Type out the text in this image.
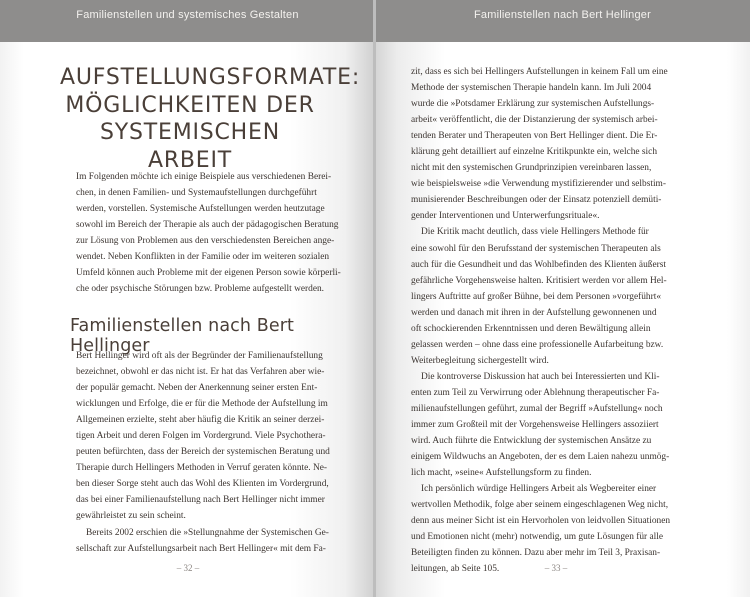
Familienstellen und systemisches Gestalten
AUFSTELLUNGSFORMATE:
MÖGLICHKEITEN DER
SYSTEMISCHEN ARBEIT

Im Folgenden möchte ich einige Beispiele aus verschiedenen Berei-
chen, in denen Familien- und Systemaufstellungen durchgeführt
werden, vorstellen. Systemische Aufstellungen werden heutzutage
sowohl im Bereich der Therapie als auch der pädagogischen Beratung
zur Lösung von Problemen aus den verschiedensten Bereichen ange-
wendet. Neben Konflikten in der Familie oder im weiteren sozialen
Umfeld können auch Probleme mit der eigenen Person sowie körperli-
che oder psychische Störungen bzw. Probleme aufgestellt werden.

Familienstellen nach Bert Hellinger

Bert Hellinger wird oft als der Begründer der Familienaufstellung
bezeichnet, obwohl er das nicht ist. Er hat das Verfahren aber wie-
der populär gemacht. Neben der Anerkennung seiner ersten Ent-
wicklungen und Erfolge, die er für die Methode der Aufstellung im
Allgemeinen erzielte, steht aber häufig die Kritik an seiner derzei-
tigen Arbeit und deren Folgen im Vordergrund. Viele Psychothera-
peuten befürchten, dass der Bereich der systemischen Beratung und
Therapie durch Hellingers Methoden in Verruf geraten könnte. Ne-
ben dieser Sorge steht auch das Wohl des Klienten im Vordergrund,
das bei einer Familienaufstellung nach Bert Hellinger nicht immer
gewährleistet zu sein scheint.
Bereits 2002 erschien die »Stellungnahme der Systemischen Ge-
sellschaft zur Aufstellungsarbeit nach Bert Hellinger« mit dem Fa-

– 32 –
Familienstellen nach Bert Hellinger

zit, dass es sich bei Hellingers Aufstellungen in keinem Fall um eine
Methode der systemischen Therapie handeln kann. Im Juli 2004
wurde die »Potsdamer Erklärung zur systemischen Aufstellungs-
arbeit« veröffentlicht, die der Distanzierung der systemisch arbei-
tenden Berater und Therapeuten von Bert Hellinger dient. Die Er-
klärung geht detailliert auf einzelne Kritikpunkte ein, welche sich
nicht mit den systemischen Grundprinzipien vereinbaren lassen,
wie beispielsweise »die Verwendung mystifizierender und selbstim-
munisierender Beschreibungen oder der Einsatz potenziell demüti-
gender Interventionen und Unterwerfungsrituale«.
Die Kritik macht deutlich, dass viele Hellingers Methode für
eine sowohl für den Berufsstand der systemischen Therapeuten als
auch für die Gesundheit und das Wohlbefinden des Klienten äußerst
gefährliche Vorgehensweise halten. Kritisiert werden vor allem Hel-
lingers Auftritte auf großer Bühne, bei dem Personen »vorgeführt«
werden und danach mit ihren in der Aufstellung gewonnenen und
oft schockierenden Erkenntnissen und deren Bewältigung allein
gelassen werden – ohne dass eine professionelle Aufarbeitung bzw.
Weiterbegleitung sichergestellt wird.
Die kontroverse Diskussion hat auch bei Interessierten und Kli-
enten zum Teil zu Verwirrung oder Ablehnung therapeutischer Fa-
milienaufstellungen geführt, zumal der Begriff »Aufstellung« noch
immer zum Großteil mit der Vorgehensweise Hellingers assoziiert
wird. Auch führte die Entwicklung der systemischen Ansätze zu
einigem Wildwuchs an Angeboten, der es dem Laien nahezu unmög-
lich macht, »seine« Aufstellungsform zu finden.
Ich persönlich würdige Hellingers Arbeit als Wegbereiter einer
wertvollen Methodik, folge aber seinem eingeschlagenen Weg nicht,
denn aus meiner Sicht ist ein Hervorholen von leidvollen Situationen
und Emotionen nicht (mehr) notwendig, um gute Lösungen für alle
Beteiligten finden zu können. Dazu aber mehr im Teil 3, Praxisan-
leitungen, ab Seite 105.	– 33 –
